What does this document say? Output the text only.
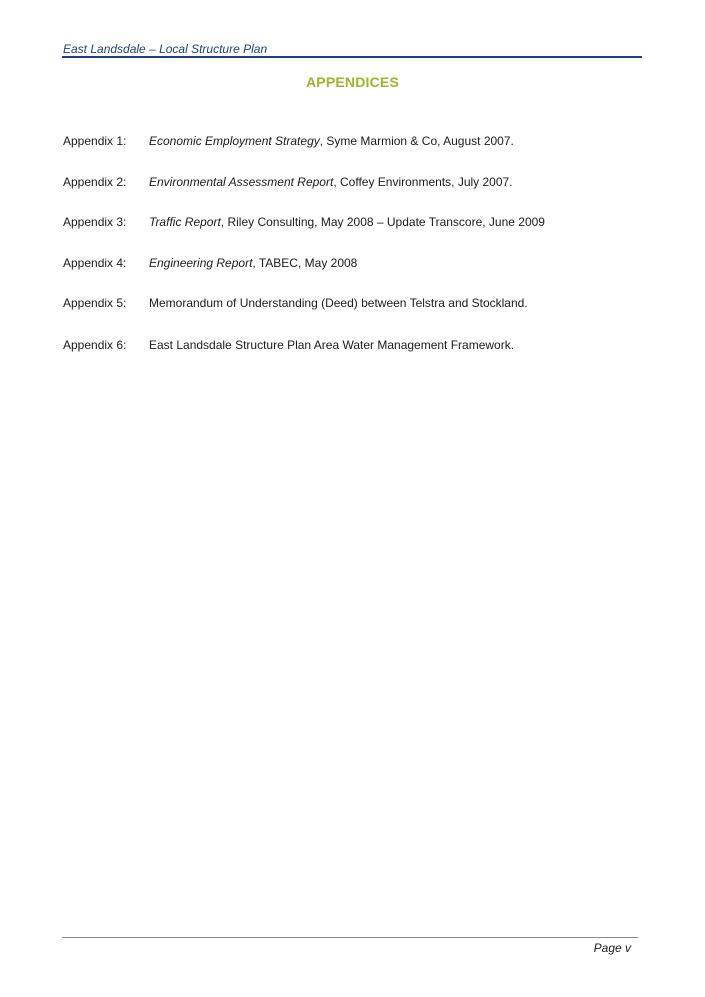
East Landsdale – Local Structure Plan
APPENDICES
Appendix 1: Economic Employment Strategy, Syme Marmion & Co, August 2007.
Appendix 2: Environmental Assessment Report, Coffey Environments, July 2007.
Appendix 3: Traffic Report, Riley Consulting, May 2008 – Update Transcore, June 2009
Appendix 4: Engineering Report, TABEC, May 2008
Appendix 5: Memorandum of Understanding (Deed) between Telstra and Stockland.
Appendix 6: East Landsdale Structure Plan Area Water Management Framework.
Page v
